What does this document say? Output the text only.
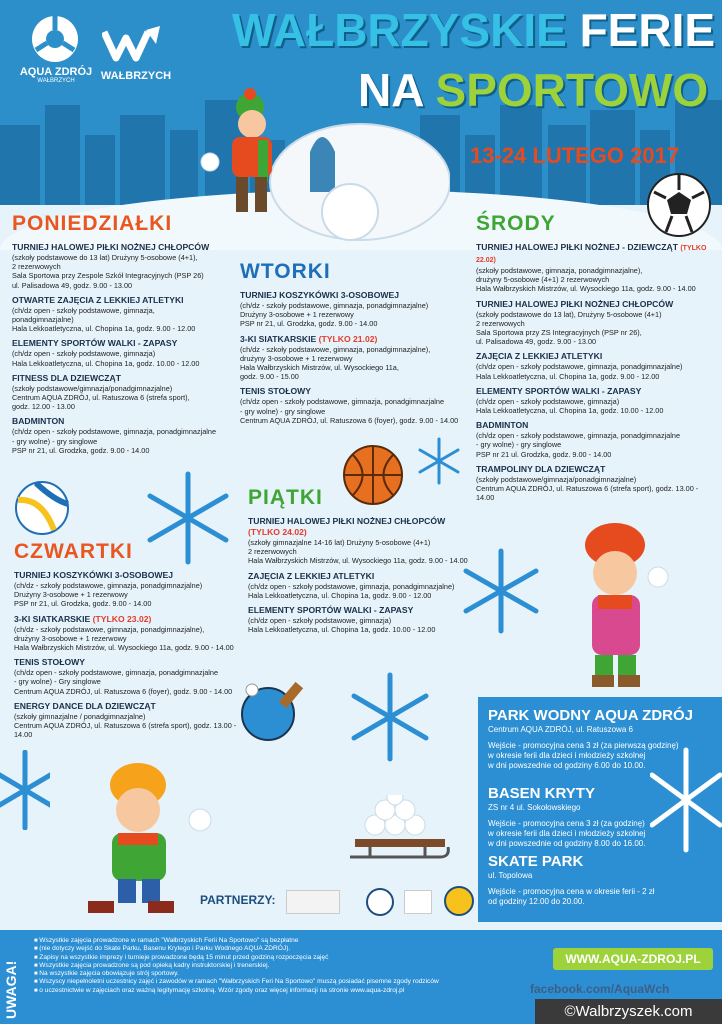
AQUA ZDRÓJ
WAŁBRZYCH	WAŁBRZYCH
WAŁBRZYSKIE FERIE
NA SPORTOWO
13-24 LUTEGO 2017
PONIEDZIAŁKI

TURNIEJ HALOWEJ PIŁKI NOŻNEJ CHŁOPCÓW
(szkoły podstawowe do 13 lat) Drużyny 5-osobowe (4+1),
2 rezerwowych
Sala Sportowa przy Zespole Szkół Integracyjnych (PSP 26)
ul. Palisadowa 49, godz. 9.00 - 13.00

OTWARTE ZAJĘCIA Z LEKKIEJ ATLETYKI
(ch/dz open - szkoły podstawowe, gimnazja,
ponadgimnazjalne)
Hala Lekkoatletyczna, ul. Chopina 1a, godz. 9.00 - 12.00

ELEMENTY SPORTÓW WALKI - ZAPASY
(ch/dz open - szkoły podstawowe, gimnazja)
Hala Lekkoatletyczna, ul. Chopina 1a, godz. 10.00 - 12.00

FITNESS DLA DZIEWCZĄT
(szkoły podstawowe/gimnazja/ponadgimnazjalne)
Centrum AQUA ZDRÓJ, ul. Ratuszowa 6 (strefa sport),
godz. 12.00 - 13.00

BADMINTON
(ch/dz open - szkoły podstawowe, gimnazja, ponadgimnazjalne
- gry wolne) - gry singlowe
PSP nr 21, ul. Grodzka, godz. 9.00 - 14.00

WTORKI

TURNIEJ KOSZYKÓWKI 3-OSOBOWEJ
(ch/dz - szkoły podstawowe, gimnazja, ponadgimnazjalne)
Drużyny 3-osobowe + 1 rezerwowy
PSP nr 21, ul. Grodzka, godz. 9.00 - 14.00

3-KI SIATKARSKIE (TYLKO 21.02)
(ch/dz - szkoły podstawowe, gimnazja, ponadgimnazjalne),
drużyny 3-osobowe + 1 rezerwowy
Hala Wałbrzyskich Mistrzów, ul. Wysockiego 11a,
godz. 9.00 - 15.00

TENIS STOŁOWY
(ch/dz open - szkoły podstawowe, gimnazja, ponadgimnazjalne
- gry wolne) - gry singlowe
Centrum AQUA ZDRÓJ, ul. Ratuszowa 6 (foyer), godz. 9.00 - 14.00

ŚRODY

TURNIEJ HALOWEJ PIŁKI NOŻNEJ - DZIEWCZĄT (TYLKO 22.02)
(szkoły podstawowe, gimnazja, ponadgimnazjalne),
drużyny 5-osobowe (4+1) 2 rezerwowych
Hala Wałbrzyskich Mistrzów, ul. Wysockiego 11a, godz. 9.00 - 14.00

TURNIEJ HALOWEJ PIŁKI NOŻNEJ CHŁOPCÓW
(szkoły podstawowe do 13 lat), Drużyny 5-osobowe (4+1)
2 rezerwowych
Sala Sportowa przy ZS Integracyjnych (PSP nr 26),
ul. Palisadowa 49, godz. 9.00 - 13.00

ZAJĘCIA Z LEKKIEJ ATLETYKI
(ch/dz open - szkoły podstawowe, gimnazja, ponadgimnazjalne)
Hala Lekkoatletyczna, ul. Chopina 1a, godz. 9.00 - 12.00

ELEMENTY SPORTÓW WALKI - ZAPASY
(ch/dz open - szkoły podstawowe, gimnazja)
Hala Lekkoatletyczna, ul. Chopina 1a, godz. 10.00 - 12.00

BADMINTON
(ch/dz open - szkoły podstawowe, gimnazja, ponadgimnazjalne
- gry wolne) - gry singlowe
PSP nr 21 ul. Grodzka, godz. 9.00 - 14.00

TRAMPOLINY DLA DZIEWCZĄT
(szkoły podstawowe/gimnazja/ponadgimnazjalne)
Centrum AQUA ZDRÓJ, ul. Ratuszowa 6 (strefa sport), godz. 13.00 - 14.00

CZWARTKI

TURNIEJ KOSZYKÓWKI 3-OSOBOWEJ
(ch/dz - szkoły podstawowe, gimnazja, ponadgimnazjalne)
Drużyny 3-osobowe + 1 rezerwowy
PSP nr 21, ul. Grodzka, godz. 9.00 - 14.00

3-KI SIATKARSKIE (TYLKO 23.02)
(ch/dz - szkoły podstawowe, gimnazja, ponadgimnazjalne),
drużyny 3-osobowe + 1 rezerwowy
Hala Wałbrzyskich Mistrzów, ul. Wysockiego 11a, godz. 9.00 - 14.00

TENIS STOŁOWY
(ch/dz open - szkoły podstawowe, gimnazja, ponadgimnazjalne
- gry wolne) - Gry singlowe
Centrum AQUA ZDRÓJ, ul. Ratuszowa 6 (foyer), godz. 9.00 - 14.00

ENERGY DANCE DLA DZIEWCZĄT
(szkoły gimnazjalne / ponadgimnazjalne)
Centrum AQUA ZDRÓJ, ul. Ratuszowa 6 (strefa sport), godz. 13.00 - 14.00

PIĄTKI

TURNIEJ HALOWEJ PIŁKI NOŻNEJ CHŁOPCÓW (TYLKO 24.02)
(szkoły gimnazjalne 14-16 lat) Drużyny 5-osobowe (4+1)
2 rezerwowych
Hala Wałbrzyskich Mistrzów, ul. Wysockiego 11a, godz. 9.00 - 14.00

ZAJĘCIA Z LEKKIEJ ATLETYKI
(ch/dz open - szkoły podstawowe, gimnazja, ponadgimnazjalne)
Hala Lekkoatletyczna, ul. Chopina 1a, godz. 9.00 - 12.00

ELEMENTY SPORTÓW WALKI - ZAPASY
(ch/dz open - szkoły podstawowe, gimnazja)
Hala Lekkoatletyczna, ul. Chopina 1a, godz. 10.00 - 12.00

PARK WODNY AQUA ZDRÓJ
Centrum AQUA ZDRÓJ, ul. Ratuszowa 6
Wejście - promocyjna cena 3 zł (za pierwszą godzinę)
w okresie ferii dla dzieci i młodzieży szkolnej
w dni powszednie od godziny 6.00 do 10.00.
BASEN KRYTY
ZS nr 4 ul. Sokołowskiego
Wejście - promocyjna cena 3 zł (za godzinę)
w okresie ferii dla dzieci i młodzieży szkolnej
w dni powszednie od godziny 8.00 do 16.00.
SKATE PARK
ul. Topolowa
Wejście - promocyjna cena w okresie ferii - 2 zł
od godziny 12.00 do 20.00.
PARTNERZY:
UWAGA!
■ Wszystkie zajęcia prowadzone w ramach "Wałbrzyskich Ferii Na Sportowo" są bezpłatne
■ (nie dotyczy wejść do Skate Parku, Basenu Krytego i Parku Wodnego AQUA ZDRÓJ).
■ Zapisy na wszystkie imprezy i turnieje prowadzone będą 15 minut przed godziną rozpoczęcia zajęć
■ Wszystkie zajęcia prowadzone są pod opieką kadry instruktorskiej i trenerskiej.
■ Na wszystkie zajęcia obowiązuje strój sportowy.
■ Wszyscy niepełnoletni uczestnicy zajęć i zawodów w ramach "Wałbrzyskich Feri Na Sportowo" muszą posiadać pisemne zgody rodziców
■ o uczestnictwie w zajęciach oraz ważną legitymację szkolną. Wzór zgody oraz więcej informacji na stronie www.aqua-zdroj.pl
WWW.AQUA-ZDROJ.PL
facebook.com/AquaWch
©Walbrzyszek.com
